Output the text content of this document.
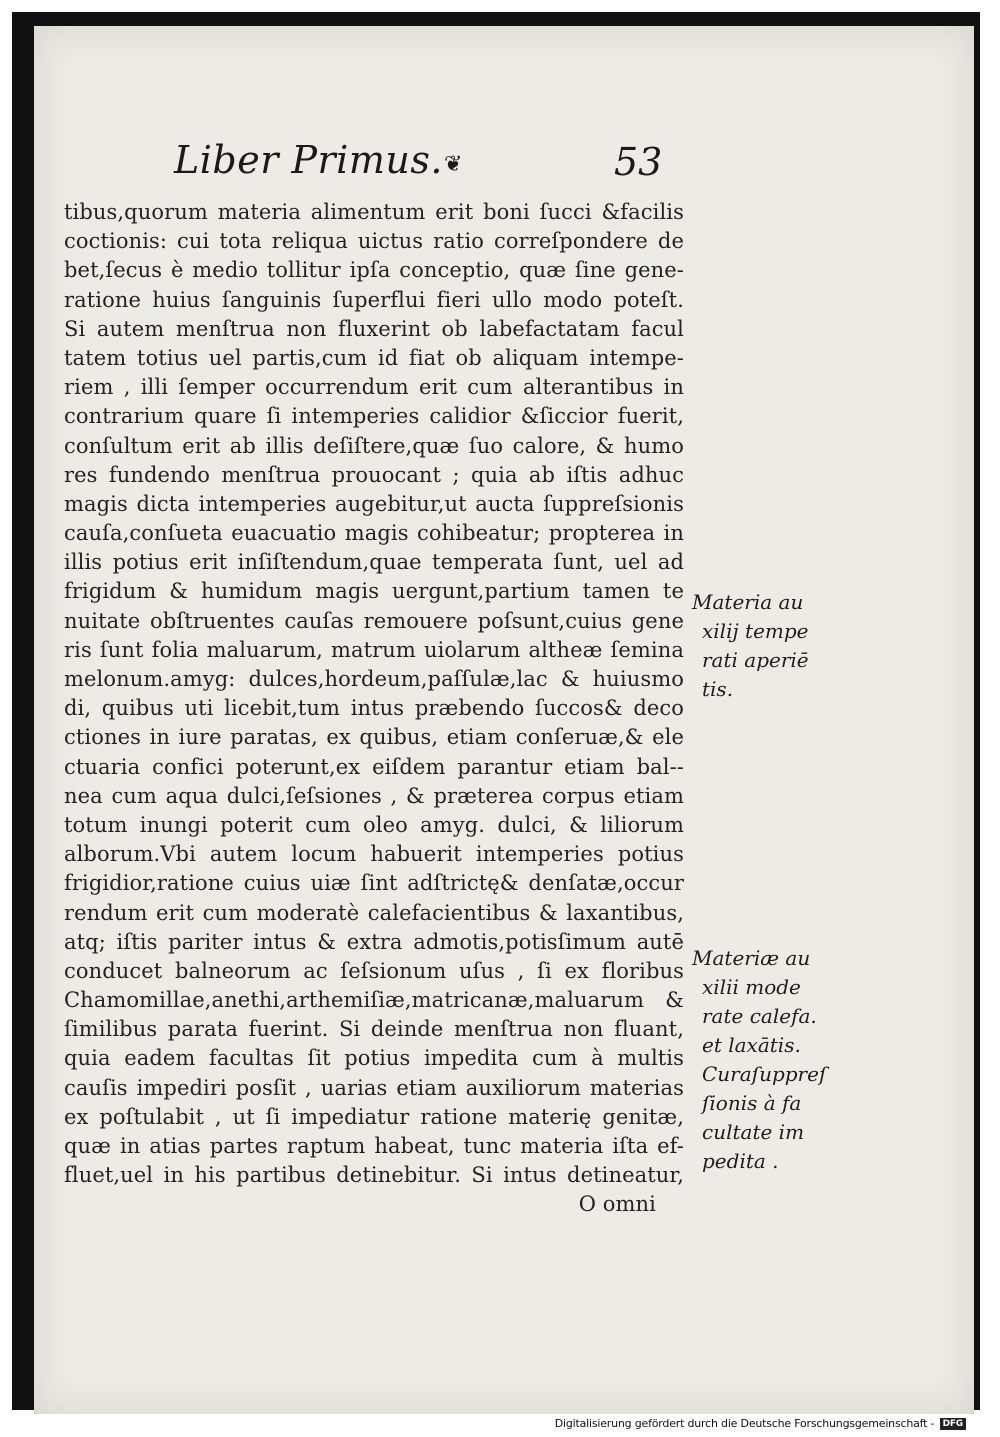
Liber Primus. ❦	53
tibus,quorum materia alimentum erit boni ſucci &facilis
coctionis: cui tota reliqua uictus ratio correſpondere de
bet,ſecus è medio tollitur ipſa conceptio, quæ ſine gene-
ratione huius ſanguinis ſuperflui fieri ullo modo poteſt.
Si autem menſtrua non fluxerint ob labefactatam facul
tatem totius uel partis,cum id fiat ob aliquam intempe-
riem , illi ſemper occurrendum erit cum alterantibus in
contrarium quare ſi intemperies calidior &ſiccior fuerit,
conſultum erit ab illis deſiſtere,quæ ſuo calore, & humo
res fundendo menſtrua prouocant ; quia ab iſtis adhuc
magis dicta intemperies augebitur,ut aucta ſuppreſsionis
cauſa,conſueta euacuatio magis cohibeatur; propterea in
illis potius erit inſiſtendum,quae temperata ſunt, uel ad
frigidum & humidum magis uergunt,partium tamen te
nuitate obſtruentes cauſas remouere poſsunt,cuius gene
ris ſunt folia maluarum, matrum uiolarum altheæ ſemina
melonum.amyg: dulces,hordeum,paſſulæ,lac & huiusmo
di, quibus uti licebit,tum intus præbendo ſuccos& deco
ctiones in iure paratas, ex quibus, etiam conſeruæ,& ele
ctuaria confici poterunt,ex eiſdem parantur etiam bal--
nea cum aqua dulci,ſeſsiones , & præterea corpus etiam
totum inungi poterit cum oleo amyg. dulci, & liliorum
alborum.Vbi autem locum habuerit intemperies potius
frigidior,ratione cuius uiæ ſint adſtrictę& denſatæ,occur
rendum erit cum moderatè calefacientibus & laxantibus,
atq; iſtis pariter intus & extra admotis,potisſimum autē
conducet balneorum ac ſeſsionum uſus , ſi ex floribus
Chamomillae,anethi,arthemiſiæ,matricanæ,maluarum &
ſimilibus parata fuerint. Si deinde menſtrua non fluant,
quia eadem facultas ſit potius impedita cum à multis
cauſis impediri posſit , uarias etiam auxiliorum materias
ex poſtulabit , ut ſi impediatur ratione materię genitæ,
quæ in atias partes raptum habeat, tunc materia iſta ef-
fluet,uel in his partibus detinebitur. Si intus detineatur,
O omni
Materia au
xilij tempe
rati aperiē
tis.
Materiæ au
xilii mode
rate calefa.
et laxātis.
Curaſuppreſ
ſionis à fa
cultate im
pedita .
Digitalisierung gefördert durch die Deutsche Forschungsgemeinschaft - DFG
